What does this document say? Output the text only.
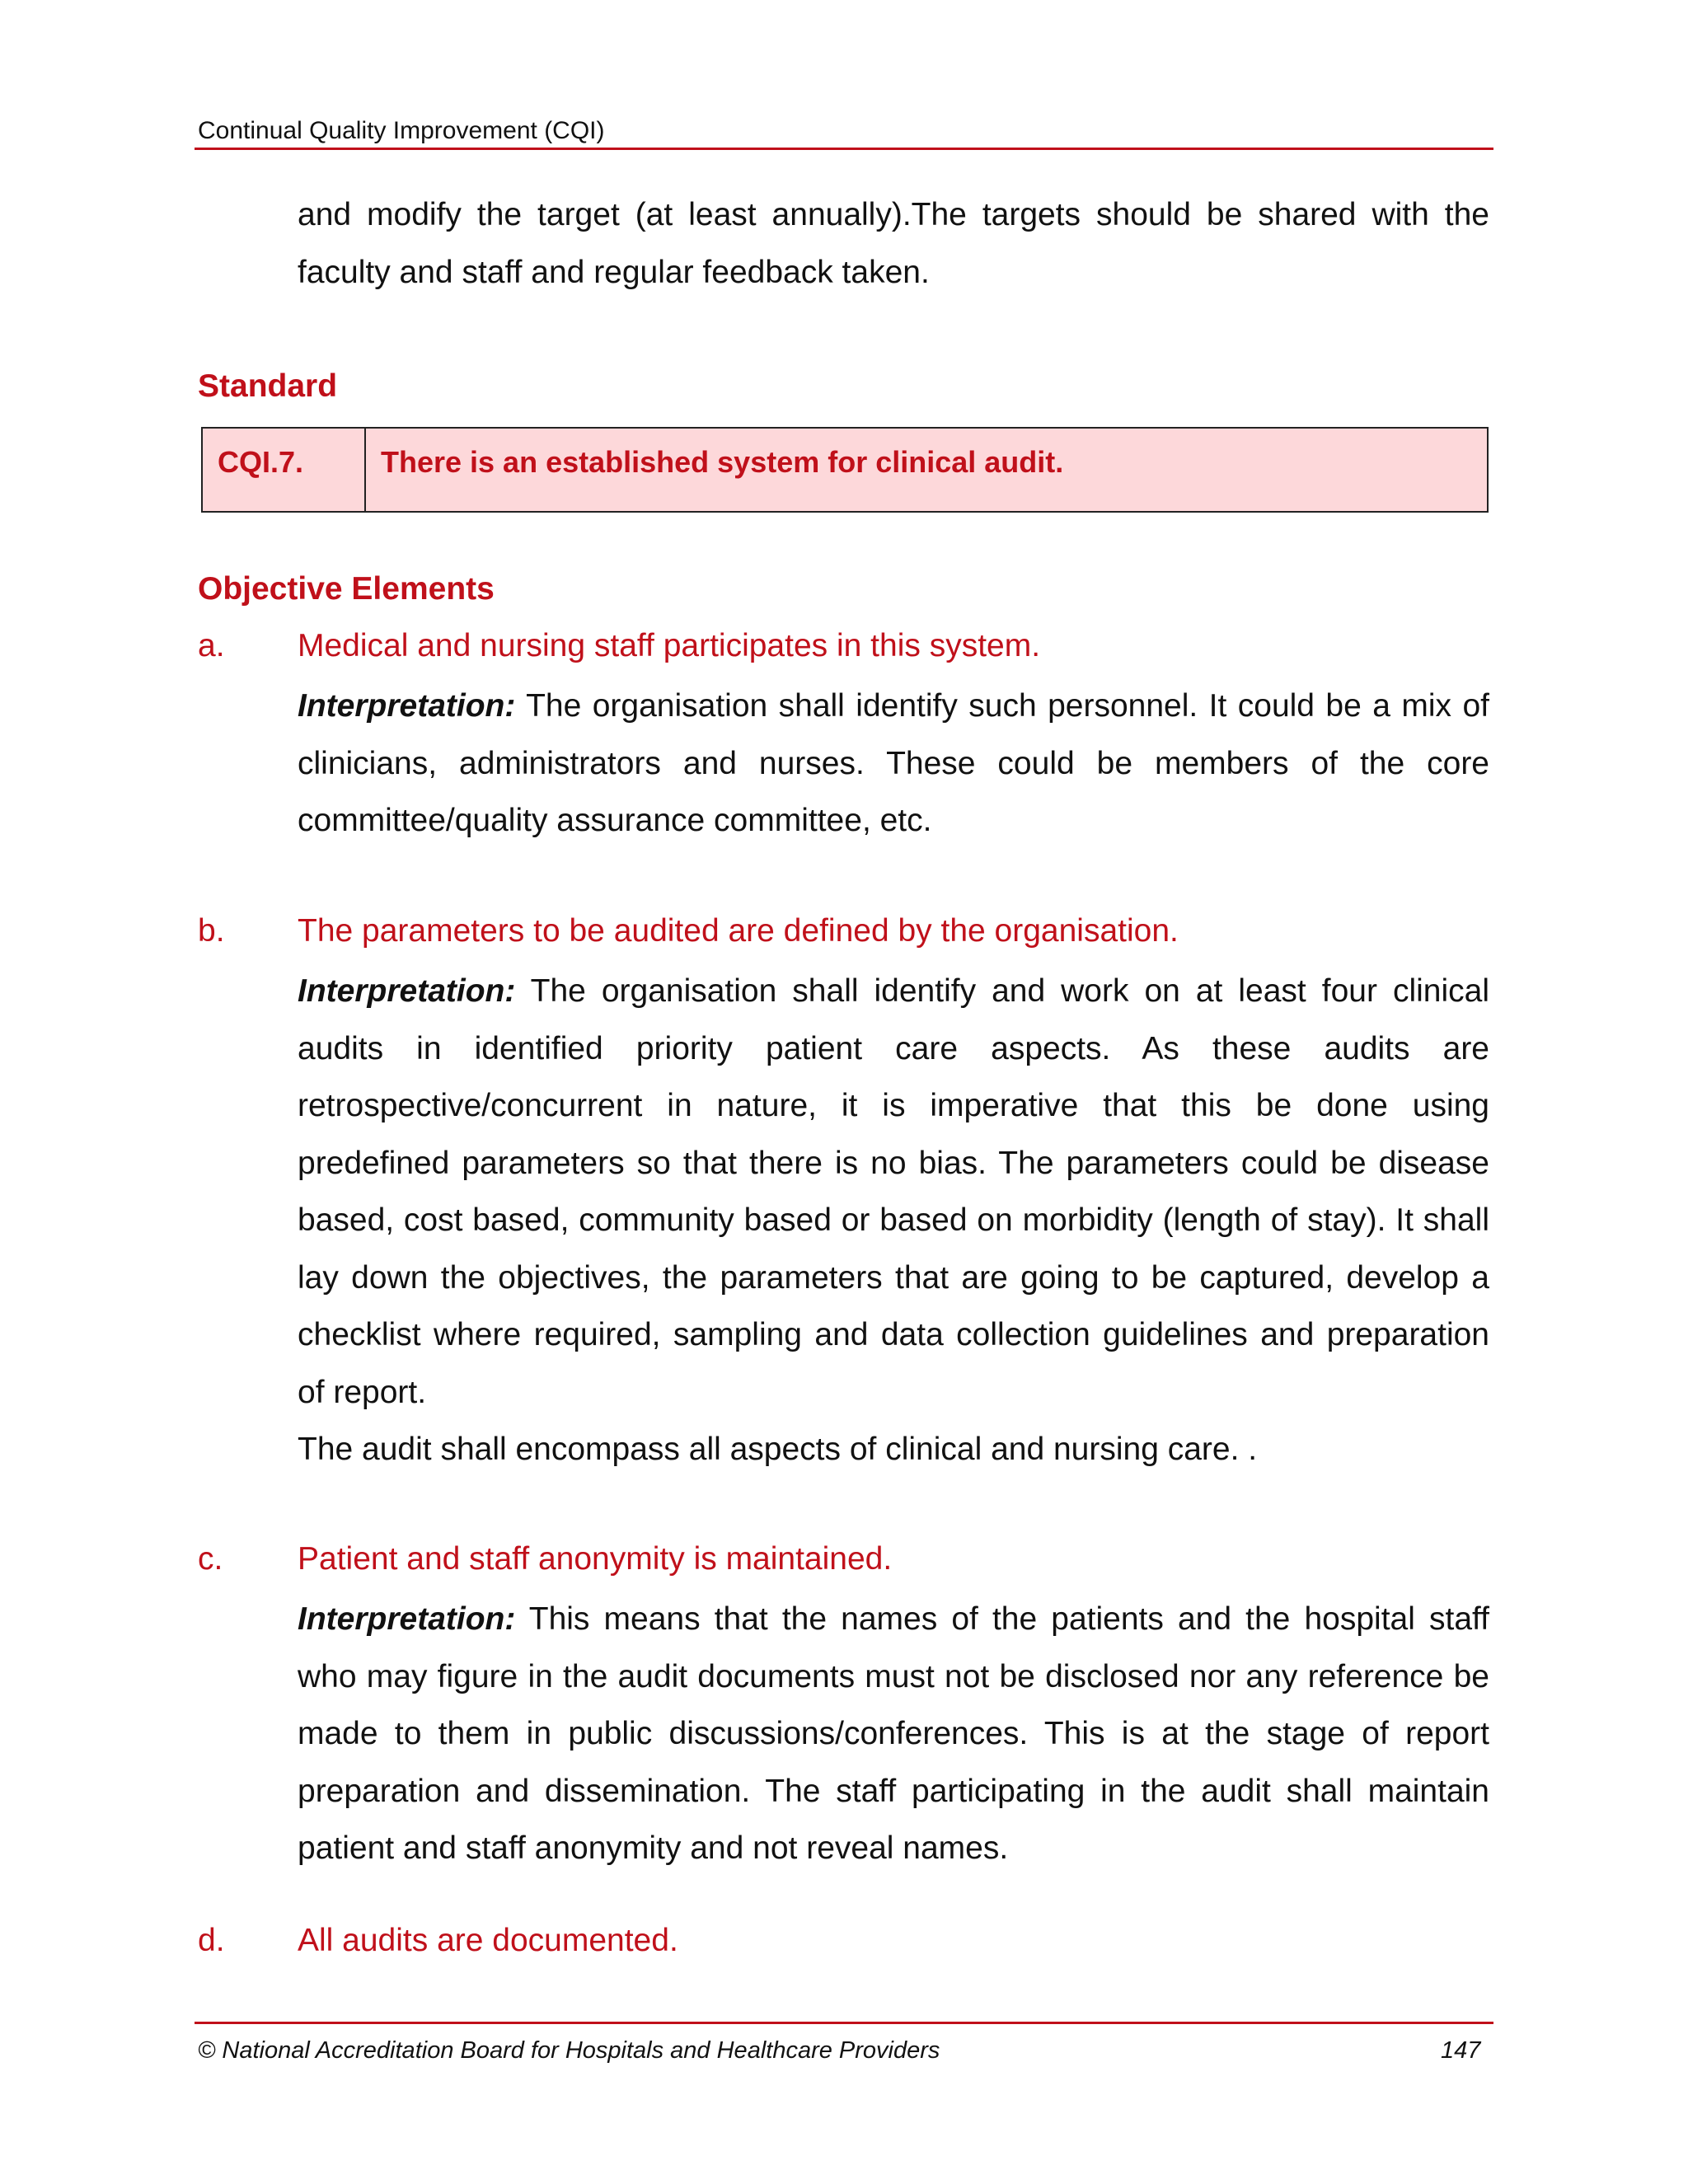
Continual Quality Improvement (CQI)
and modify the target (at least annually).The targets should be shared with the faculty and staff and regular feedback taken.
Standard
CQI.7.	There is an established system for clinical audit.
Objective Elements
a. Medical and nursing staff participates in this system.

Interpretation: The organisation shall identify such personnel. It could be a mix of clinicians, administrators and nurses. These could be members of the core committee/quality assurance committee, etc.

b. The parameters to be audited are defined by the organisation.

Interpretation: The organisation shall identify and work on at least four clinical audits in identified priority patient care aspects. As these audits are retrospective/concurrent in nature, it is imperative that this be done using predefined parameters so that there is no bias. The parameters could be disease based, cost based, community based or based on morbidity (length of stay). It shall lay down the objectives, the parameters that are going to be captured, develop a checklist where required, sampling and data collection guidelines and preparation of report.

The audit shall encompass all aspects of clinical and nursing care. .

c. Patient and staff anonymity is maintained.

Interpretation: This means that the names of the patients and the hospital staff who may figure in the audit documents must not be disclosed nor any reference be made to them in public discussions/conferences. This is at the stage of report preparation and dissemination. The staff participating in the audit shall maintain patient and staff anonymity and not reveal names.

d. All audits are documented.
© National Accreditation Board for Hospitals and Healthcare Providers	147
